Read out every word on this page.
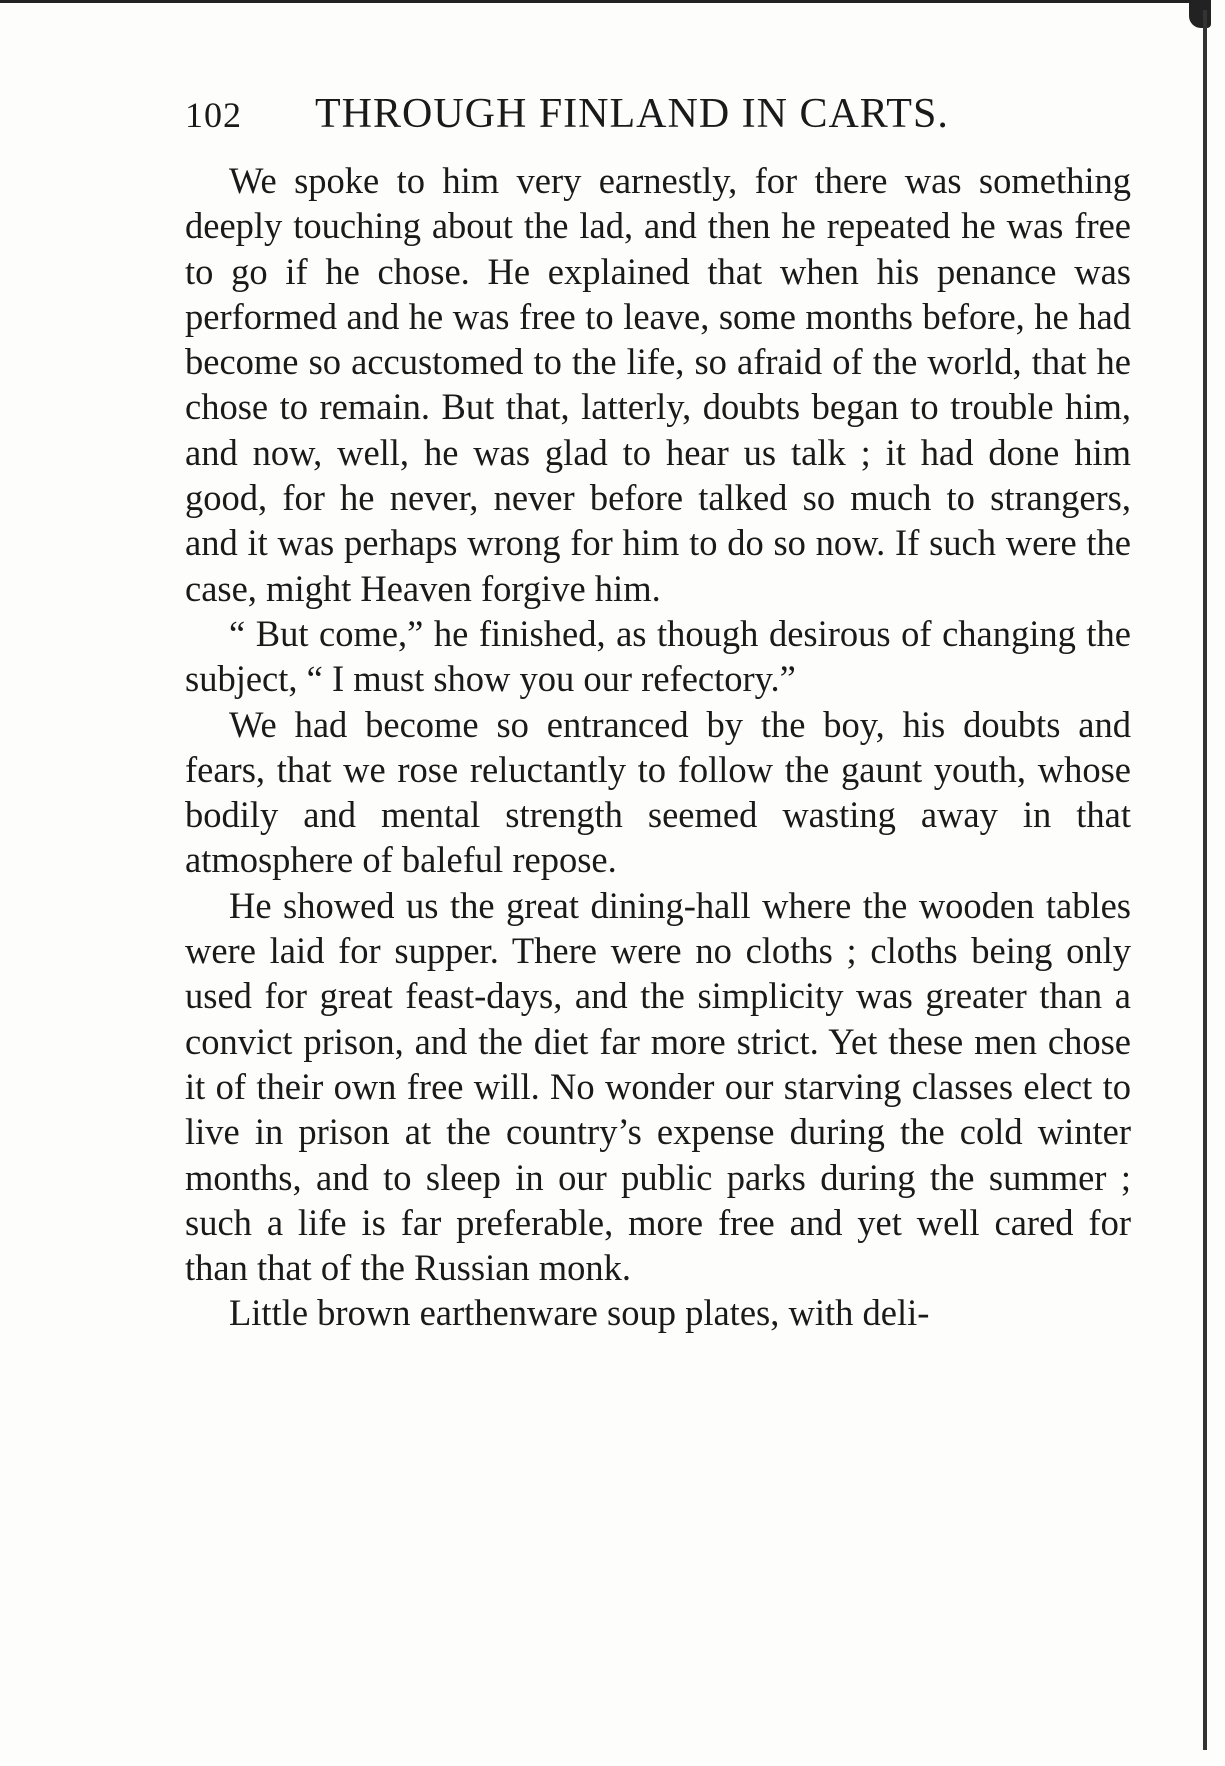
102	THROUGH FINLAND IN CARTS.

We spoke to him very earnestly, for there was something deeply touching about the lad, and then he repeated he was free to go if he chose. He explained that when his penance was performed and he was free to leave, some months before, he had become so accustomed to the life, so afraid of the world, that he chose to remain. But that, latterly, doubts began to trouble him, and now, well, he was glad to hear us talk ; it had done him good, for he never, never before talked so much to strangers, and it was perhaps wrong for him to do so now. If such were the case, might Heaven forgive him.

“ But come,” he finished, as though desirous of changing the subject, “ I must show you our refectory.”

We had become so entranced by the boy, his doubts and fears, that we rose reluctantly to follow the gaunt youth, whose bodily and mental strength seemed wasting away in that atmosphere of baleful repose.

He showed us the great dining-hall where the wooden tables were laid for supper. There were no cloths ; cloths being only used for great feast-days, and the simplicity was greater than a convict prison, and the diet far more strict. Yet these men chose it of their own free will. No wonder our starving classes elect to live in prison at the country’s expense during the cold winter months, and to sleep in our public parks during the summer ; such a life is far preferable, more free and yet well cared for than that of the Russian monk.

Little brown earthenware soup plates, with deli-
